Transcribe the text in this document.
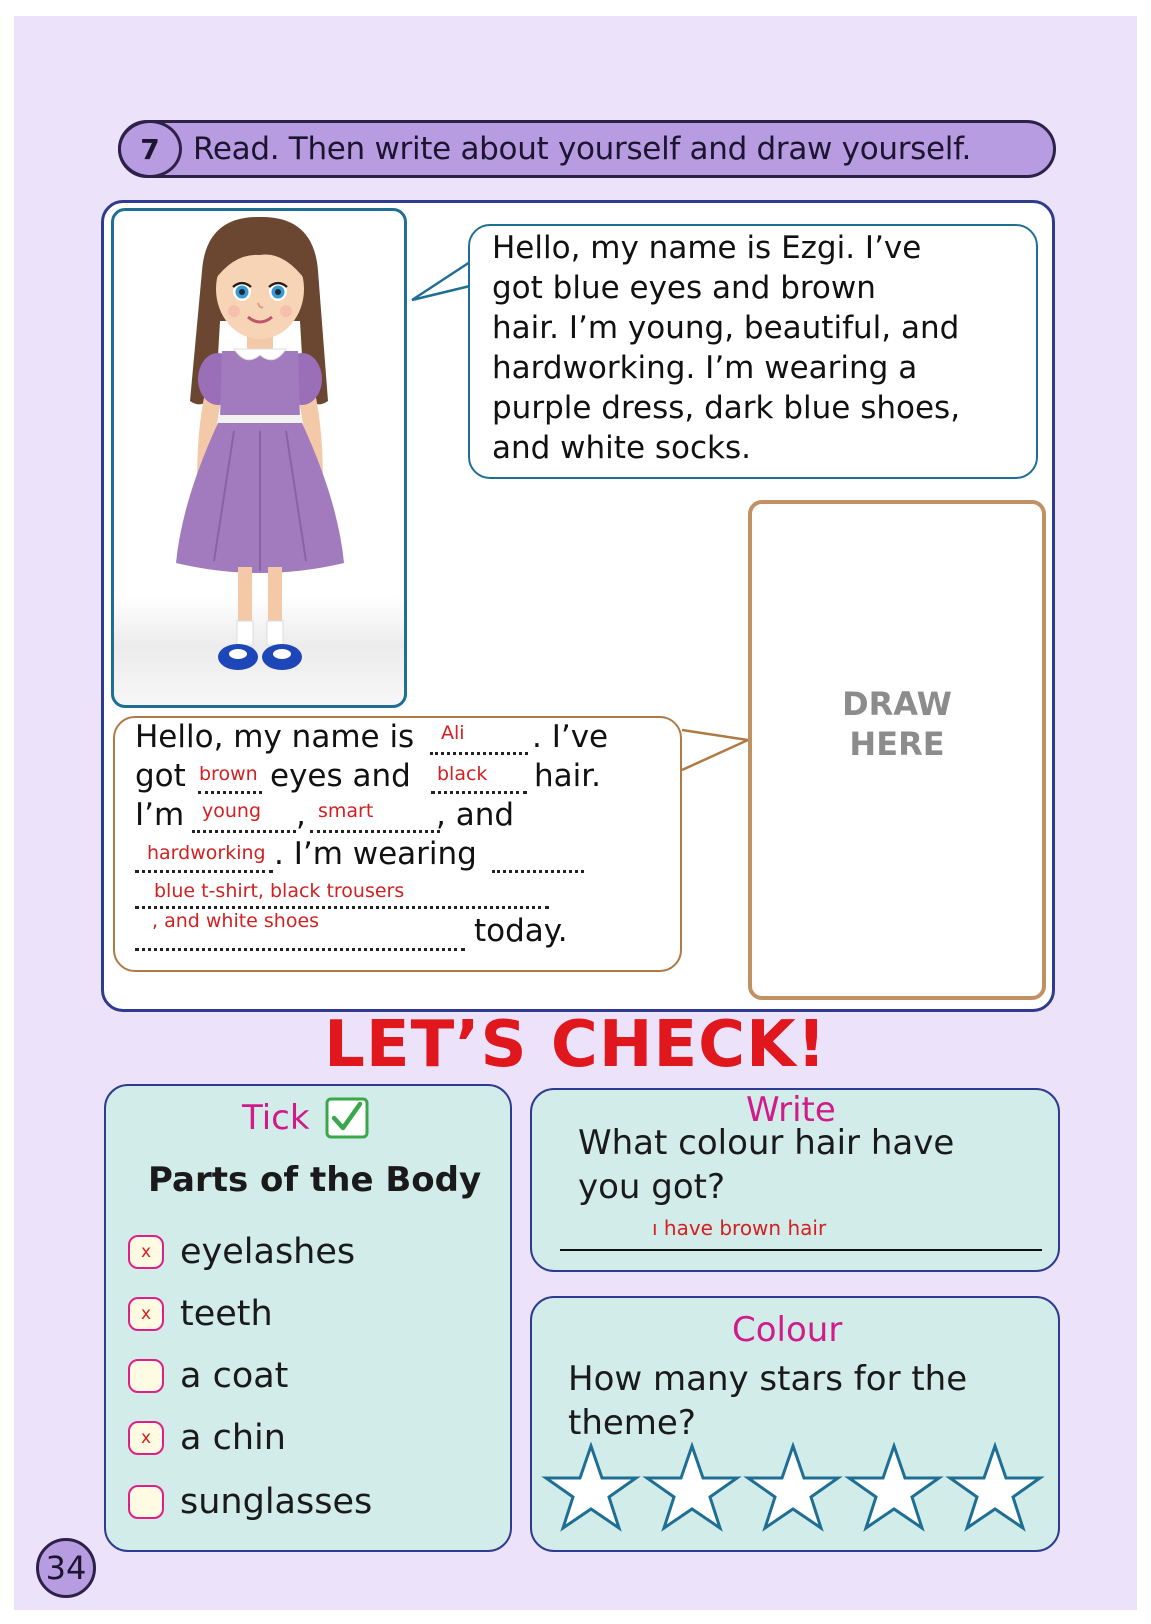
7	Read. Then write about yourself and draw yourself.
Hello, my name is Ezgi. I’ve
got blue eyes and brown
hair. I’m young, beautiful, and
hardworking. I’m wearing a
purple dress, dark blue shoes,
and white socks.
DRAW
HERE
Hello, my name is Ali . I’ve
got brown eyes and black hair.
I’m young , smart , and
hardworking . I’m wearing
blue t-shirt, black trousers
, and white shoes	today.
LET’S CHECK!
Tick
Parts of the Body
x eyelashes
x teeth
a coat
x a chin
sunglasses
Write
What colour hair have
you got?
ı have brown hair
Colour
How many stars for the
theme?
34
